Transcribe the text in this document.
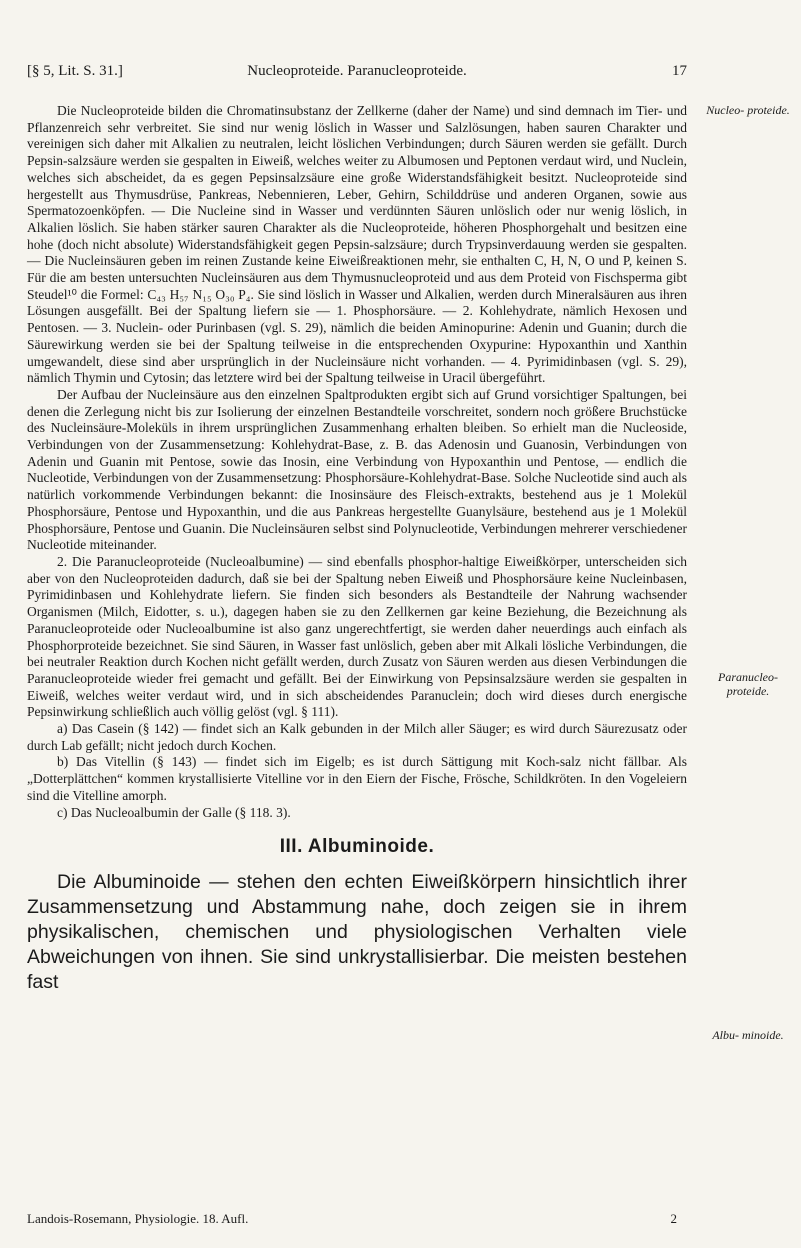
[§ 5, Lit. S. 31.]	Nucleoproteide. Paranucleoproteide.	17
Nucleo- proteide.
Paranucleo- proteide.
Albu- minoide.

Die Nucleoproteide bilden die Chromatinsubstanz der Zellkerne (daher der Name) und sind demnach im Tier- und Pflanzenreich sehr verbreitet. Sie sind nur wenig löslich in Wasser und Salzlösungen, haben sauren Charakter und vereinigen sich daher mit Alkalien zu neutralen, leicht löslichen Verbindungen; durch Säuren werden sie gefällt. Durch Pepsin-salzsäure werden sie gespalten in Eiweiß, welches weiter zu Albumosen und Peptonen verdaut wird, und Nuclein, welches sich abscheidet, da es gegen Pepsinsalzsäure eine große Widerstandsfähigkeit besitzt. Nucleoproteide sind hergestellt aus Thymusdrüse, Pankreas, Nebennieren, Leber, Gehirn, Schilddrüse und anderen Organen, sowie aus Spermatozoenköpfen. — Die Nucleine sind in Wasser und verdünnten Säuren unlöslich oder nur wenig löslich, in Alkalien löslich. Sie haben stärker sauren Charakter als die Nucleoproteide, höheren Phosphorgehalt und besitzen eine hohe (doch nicht absolute) Widerstandsfähigkeit gegen Pepsin-salzsäure; durch Trypsinverdauung werden sie gespalten. — Die Nucleinsäuren geben im reinen Zustande keine Eiweißreaktionen mehr, sie enthalten C, H, N, O und P, keinen S. Für die am besten untersuchten Nucleinsäuren aus dem Thymusnucleoproteid und aus dem Proteid von Fischsperma gibt Steudel¹⁰ die Formel: C₄₃ H₅₇ N₁₅ O₃₀ P₄. Sie sind löslich in Wasser und Alkalien, werden durch Mineralsäuren aus ihren Lösungen ausgefällt. Bei der Spaltung liefern sie — 1. Phosphorsäure. — 2. Kohlehydrate, nämlich Hexosen und Pentosen. — 3. Nuclein- oder Purinbasen (vgl. S. 29), nämlich die beiden Aminopurine: Adenin und Guanin; durch die Säurewirkung werden sie bei der Spaltung teilweise in die entsprechenden Oxypurine: Hypoxanthin und Xanthin umgewandelt, diese sind aber ursprünglich in der Nucleinsäure nicht vorhanden. — 4. Pyrimidinbasen (vgl. S. 29), nämlich Thymin und Cytosin; das letztere wird bei der Spaltung teilweise in Uracil übergeführt.

Der Aufbau der Nucleinsäure aus den einzelnen Spaltprodukten ergibt sich auf Grund vorsichtiger Spaltungen, bei denen die Zerlegung nicht bis zur Isolierung der einzelnen Bestandteile vorschreitet, sondern noch größere Bruchstücke des Nucleinsäure-Moleküls in ihrem ursprünglichen Zusammenhang erhalten bleiben. So erhielt man die Nucleoside, Verbindungen von der Zusammensetzung: Kohlehydrat-Base, z. B. das Adenosin und Guanosin, Verbindungen von Adenin und Guanin mit Pentose, sowie das Inosin, eine Verbindung von Hypoxanthin und Pentose, — endlich die Nucleotide, Verbindungen von der Zusammensetzung: Phosphorsäure-Kohlehydrat-Base. Solche Nucleotide sind auch als natürlich vorkommende Verbindungen bekannt: die Inosinsäure des Fleisch-extrakts, bestehend aus je 1 Molekül Phosphorsäure, Pentose und Hypoxanthin, und die aus Pankreas hergestellte Guanylsäure, bestehend aus je 1 Molekül Phosphorsäure, Pentose und Guanin. Die Nucleinsäuren selbst sind Polynucleotide, Verbindungen mehrerer verschiedener Nucleotide miteinander.

2. Die Paranucleoproteide (Nucleoalbumine) — sind ebenfalls phosphor-haltige Eiweißkörper, unterscheiden sich aber von den Nucleoproteiden dadurch, daß sie bei der Spaltung neben Eiweiß und Phosphorsäure keine Nucleinbasen, Pyrimidinbasen und Kohlehydrate liefern. Sie finden sich besonders als Bestandteile der Nahrung wachsender Organismen (Milch, Eidotter, s. u.), dagegen haben sie zu den Zellkernen gar keine Beziehung, die Bezeichnung als Paranucleoproteide oder Nucleoalbumine ist also ganz ungerechtfertigt, sie werden daher neuerdings auch einfach als Phosphorproteide bezeichnet. Sie sind Säuren, in Wasser fast unlöslich, geben aber mit Alkali lösliche Verbindungen, die bei neutraler Reaktion durch Kochen nicht gefällt werden, durch Zusatz von Säuren werden aus diesen Verbindungen die Paranucleoproteide wieder frei gemacht und gefällt. Bei der Einwirkung von Pepsinsalzsäure werden sie gespalten in Eiweiß, welches weiter verdaut wird, und in sich abscheidendes Paranuclein; doch wird dieses durch energische Pepsinwirkung schließlich auch völlig gelöst (vgl. § 111).

a) Das Casein (§ 142) — findet sich an Kalk gebunden in der Milch aller Säuger; es wird durch Säurezusatz oder durch Lab gefällt; nicht jedoch durch Kochen.

b) Das Vitellin (§ 143) — findet sich im Eigelb; es ist durch Sättigung mit Koch-salz nicht fällbar. Als „Dotterplättchen“ kommen krystallisierte Vitelline vor in den Eiern der Fische, Frösche, Schildkröten. In den Vogeleiern sind die Vitelline amorph.

c) Das Nucleoalbumin der Galle (§ 118. 3).

III. Albuminoide.

Die Albuminoide — stehen den echten Eiweißkörpern hinsichtlich ihrer Zusammensetzung und Abstammung nahe, doch zeigen sie in ihrem physikalischen, chemischen und physiologischen Verhalten viele Abweichungen von ihnen. Sie sind unkrystallisierbar. Die meisten bestehen fast

Landois-Rosemann, Physiologie. 18. Aufl.	2
